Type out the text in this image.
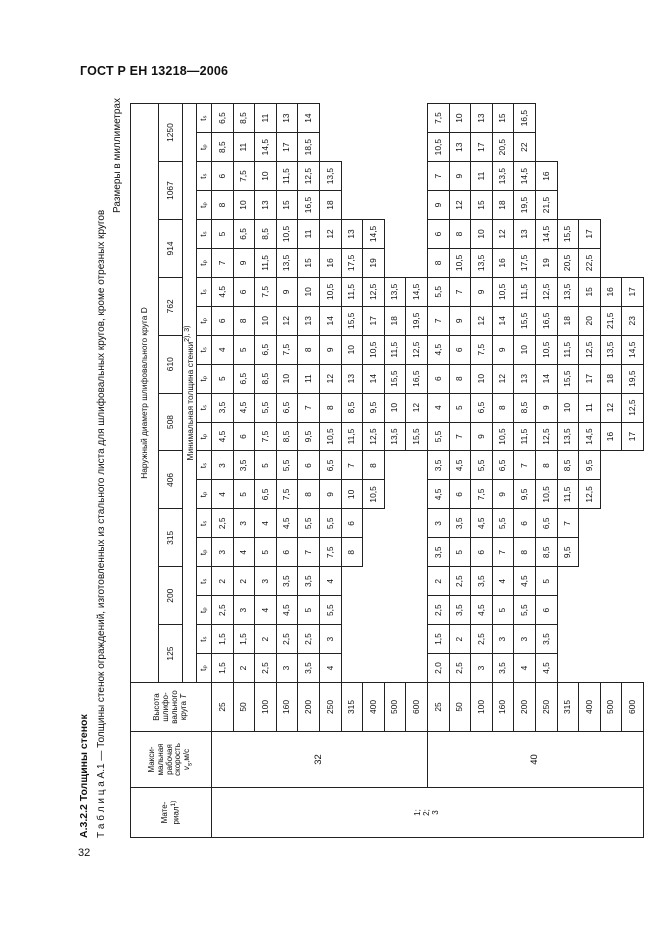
ГОСТ Р ЕН 13218—2006
А.3.2.2 Толщины стенок Т а б л и ц а А.1 — Толщины стенок ограждений, изготовленных из стального листа для шлифовальных кругов, кроме отрезных кругов
Размеры в миллиметрах
Мате- риал$^{1)}$	Макси-
мальная
рабочая
скорость
$v_s,м/с$	Высота
шлифо-
вального
круга T	Наружный диаметр шлифовального круга D																			
			125		200		315		406		508		610		762		914		1067		1250	
			Минимальная толщина стенки$^{2), 3)}$
			tₚ	tₛ	tₚ	tₛ	tₚ	tₛ	tₚ	tₛ	tₚ	tₛ	tₚ	tₛ	tₚ	tₛ	tₚ	tₛ	tₚ	tₛ	tₚ	tₛ
1;
2;
3	32	25	1,5	1,5	2,5	2	3	2,5	4	3	4,5	3,5	5	4	6	4,5	7	5	8	6	8,5	6,5
		50	2	1,5	3	2	4	3	5	3,5	6	4,5	6,5	5	8	6	9	6,5	10	7,5	11	8,5
		100	2,5	2	4	3	5	4	6,5	5	7,5	5,5	8,5	6,5	10	7,5	11,5	8,5	13	10	14,5	11
		160	3	2,5	4,5	3,5	6	4,5	7,5	5,5	8,5	6,5	10	7,5	12	9	13,5	10,5	15	11,5	17	13
		200	3,5	2,5	5	3,5	7	5,5	8	6	9,5	7	11	8	13	10	15	11	16,5	12,5	18,5	14
		250	4	3	5,5	4	7,5	5,5	9	6,5	10,5	8	12	9	14	10,5	16	12	18	13,5		
		315					8	6	10	7	11,5	8,5	13	10	15,5	11,5	17,5	13				
		400							10,5	8	12,5	9,5	14	10,5	17	12,5	19	14,5				
		500									13,5	10	15,5	11,5	18	13,5						
		600									15,5	12	16,5	12,5	19,5	14,5						
	40	25	2,0	1,5	2,5	2	3,5	3	4,5	3,5	5,5	4	6	4,5	7	5,5	8	6	9	7	10,5	7,5
		50	2,5	2	3,5	2,5	5	3,5	6	4,5	7	5	8	6	9	7	10,5	8	12	9	13	10
		100	3	2,5	4,5	3,5	6	4,5	7,5	5,5	9	6,5	10	7,5	12	9	13,5	10	15	11	17	13
		160	3,5	3	5	4	7	5,5	9	6,5	10,5	8	12	9	14	10,5	16	12	18	13,5	20,5	15
		200	4	3	5,5	4,5	8	6	9,5	7	11,5	8,5	13	10	15,5	11,5	17,5	13	19,5	14,5	22	16,5
		250	4,5	3,5	6	5	8,5	6,5	10,5	8	12,5	9	14	10,5	16,5	12,5	19	14,5	21,5	16		
		315					9,5	7	11,5	8,5	13,5	10	15,5	11,5	18	13,5	20,5	15,5				
		400							12,5	9,5	14,5	11	17	12,5	20	15	22,5	17				
		500									16	12	18	13,5	21,5	16						
		600									17	12,5	19,5	14,5	23	17						
32
